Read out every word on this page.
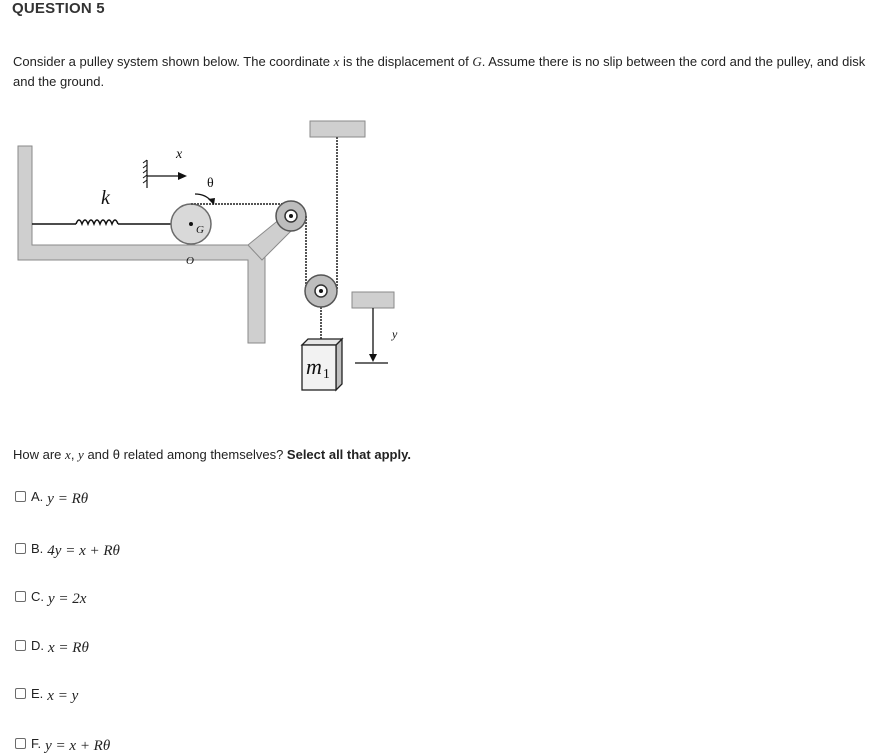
QUESTION 5
Consider a pulley system shown below. The coordinate x is the displacement of G. Assume there is no slip between the cord and the pulley, and disk and the ground.
m1
y
x
θ
k
G
O
How are x, y and θ related among themselves? Select all that apply.
A. y = Rθ
B. 4y = x + Rθ
C. y = 2x
D. x = Rθ
E. x = y
F. y = x + Rθ
